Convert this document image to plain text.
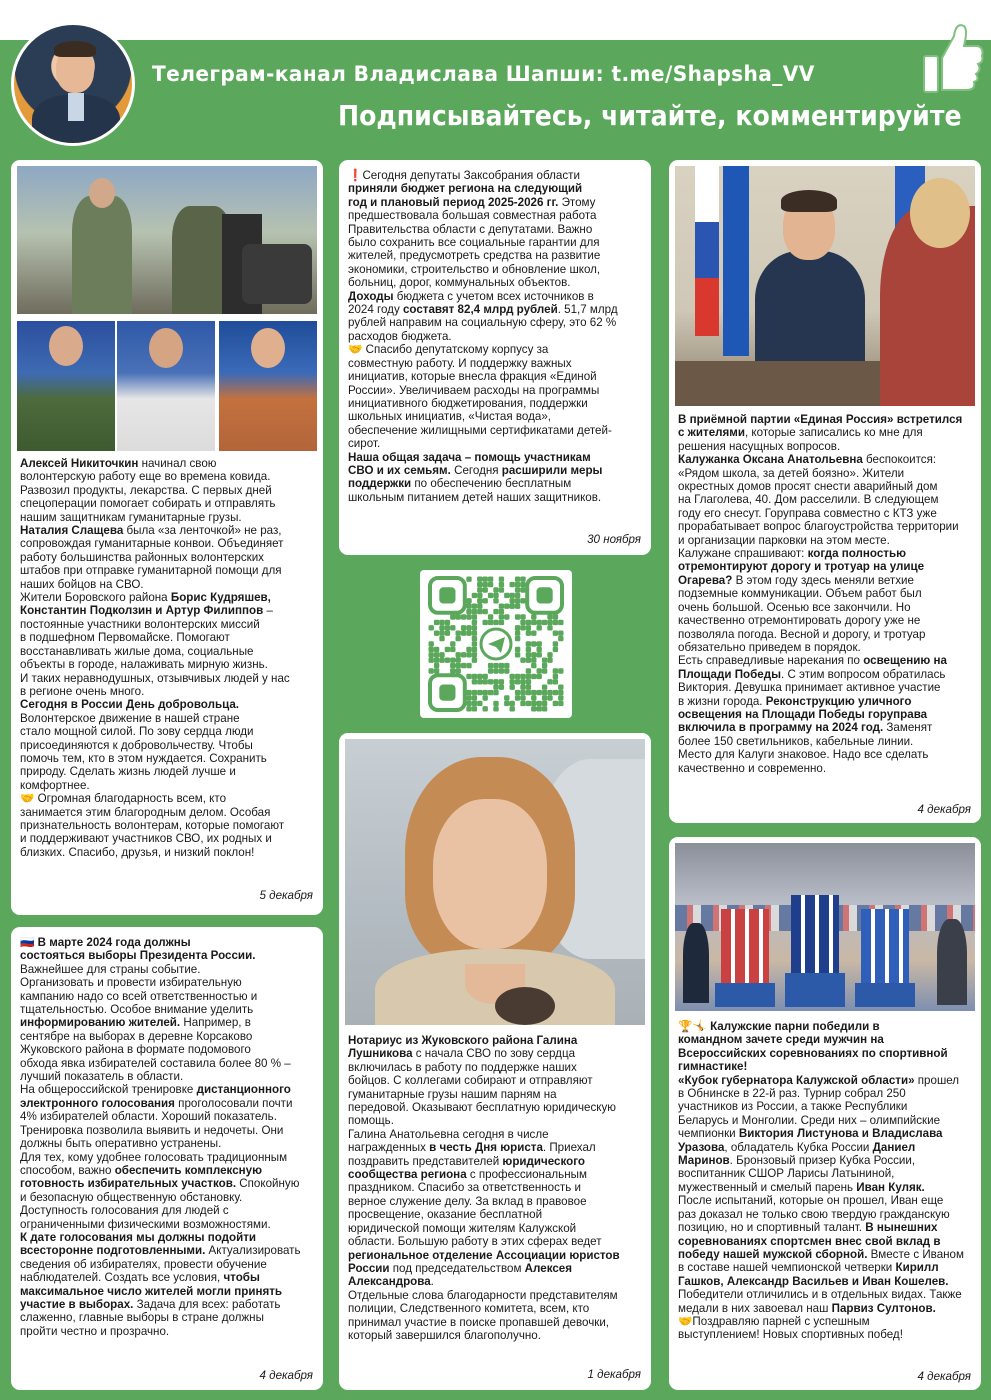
Телеграм-канал Владислава Шапши: t.me/Shapsha_VV
Подписывайтесь, читайте, комментируйте
Алексей Никиточкин начинал свою
волонтерскую работу еще во времена ковида.
Развозил продукты, лекарства. С первых дней
спецоперации помогает собирать и отправлять
нашим защитникам гуманитарные грузы.
Наталия Слащева была «за ленточкой» не раз,
сопровождая гуманитарные конвои. Объединяет
работу большинства районных волонтерских
штабов при отправке гуманитарной помощи для
наших бойцов на СВО.
Жители Боровского района Борис Кудряшев,
Константин Подколзин и Артур Филиппов –
постоянные участники волонтерских миссий
в подшефном Первомайске. Помогают
восстанавливать жилые дома, социальные
объекты в городе, налаживать мирную жизнь.
И таких неравнодушных, отзывчивых людей у нас
в регионе очень много.
Сегодня в России День добровольца.
Волонтерское движение в нашей стране
стало мощной силой. По зову сердца люди
присоединяются к добровольчеству. Чтобы
помочь тем, кто в этом нуждается. Сохранить
природу. Сделать жизнь людей лучше и
комфортнее.
🤝 Огромная благодарность всем, кто
занимается этим благородным делом. Особая
признательность волонтерам, которые помогают
и поддерживают участников СВО, их родных и
близких. Спасибо, друзья, и низкий поклон!
5 декабря
❗Сегодня депутаты Заксобрания области
приняли бюджет региона на следующий
год и плановый период 2025-2026 гг. Этому
предшествовала большая совместная работа
Правительства области с депутатами. Важно
было сохранить все социальные гарантии для
жителей, предусмотреть средства на развитие
экономики, строительство и обновление школ,
больниц, дорог, коммунальных объектов.
Доходы бюджета с учетом всех источников в
2024 году составят 82,4 млрд рублей. 51,7 млрд
рублей направим на социальную сферу, это 62 %
расходов бюджета.
🤝 Спасибо депутатскому корпусу за
совместную работу. И поддержку важных
инициатив, которые внесла фракция «Единой
России». Увеличиваем расходы на программы
инициативного бюджетирования, поддержки
школьных инициатив, «Чистая вода»,
обеспечение жилищными сертификатами детей-
сирот.
Наша общая задача – помощь участникам
СВО и их семьям. Сегодня расширили меры
поддержки по обеспечению бесплатным
школьным питанием детей наших защитников.
30 ноября
В приёмной партии «Единая Россия» встретился
с жителями, которые записались ко мне для
решения насущных вопросов.
Калужанка Оксана Анатольевна беспокоится:
«Рядом школа, за детей боязно». Жители
окрестных домов просят снести аварийный дом
на Глаголева, 40. Дом расселили. В следующем
году его снесут. Горуправа совместно с КТЗ уже
прорабатывает вопрос благоустройства территории
и организации парковки на этом месте.
Калужане спрашивают: когда полностью
отремонтируют дорогу и тротуар на улице
Огарева? В этом году здесь меняли ветхие
подземные коммуникации. Объем работ был
очень большой. Осенью все закончили. Но
качественно отремонтировать дорогу уже не
позволяла погода. Весной и дорогу, и тротуар
обязательно приведем в порядок.
Есть справедливые нарекания по освещению на
Площади Победы. С этим вопросом обратилась
Виктория. Девушка принимает активное участие
в жизни города. Реконструкцию уличного
освещения на Площади Победы горуправа
включила в программу на 2024 год. Заменят
более 150 светильников, кабельные линии.
Место для Калуги знаковое. Надо все сделать
качественно и современно.
4 декабря
🇷🇺 В марте 2024 года должны
состояться выборы Президента России.
Важнейшее для страны событие.
Организовать и провести избирательную
кампанию надо со всей ответственностью и
тщательностью. Особое внимание уделить
информированию жителей. Например, в
сентябре на выборах в деревне Корсаково
Жуковского района в формате подомового
обхода явка избирателей составила более 80 % –
лучший показатель в области.
На общероссийской тренировке дистанционного
электронного голосования проголосовали почти
4% избирателей области. Хороший показатель.
Тренировка позволила выявить и недочеты. Они
должны быть оперативно устранены.
Для тех, кому удобнее голосовать традиционным
способом, важно обеспечить комплексную
готовность избирательных участков. Спокойную
и безопасную общественную обстановку.
Доступность голосования для людей с
ограниченными физическими возможностями.
К дате голосования мы должны подойти
всесторонне подготовленными. Актуализировать
сведения об избирателях, провести обучение
наблюдателей. Создать все условия, чтобы
максимальное число жителей могли принять
участие в выборах. Задача для всех: работать
слаженно, главные выборы в стране должны
пройти честно и прозрачно.
4 декабря
Нотариус из Жуковского района Галина
Лушникова с начала СВО по зову сердца
включилась в работу по поддержке наших
бойцов. С коллегами собирают и отправляют
гуманитарные грузы нашим парням на
передовой. Оказывают бесплатную юридическую
помощь.
Галина Анатольевна сегодня в числе
награжденных в честь Дня юриста. Приехал
поздравить представителей юридического
сообщества региона с профессиональным
праздником. Спасибо за ответственность и
верное служение делу. За вклад в правовое
просвещение, оказание бесплатной
юридической помощи жителям Калужской
области. Большую работу в этих сферах ведет
региональное отделение Ассоциации юристов
России под председательством Алексея
Александрова.
Отдельные слова благодарности представителям
полиции, Следственного комитета, всем, кто
принимал участие в поиске пропавшей девочки,
который завершился благополучно.
1 декабря
🏆🤸 Калужские парни победили в
командном зачете среди мужчин на
Всероссийских соревнованиях по спортивной
гимнастике!
«Кубок губернатора Калужской области» прошел
в Обнинске в 22-й раз. Турнир собрал 250
участников из России, а также Республики
Беларусь и Монголии. Среди них – олимпийские
чемпионки Виктория Листунова и Владислава
Уразова, обладатель Кубка России Даниел
Маринов. Бронзовый призер Кубка России,
воспитанник СШОР Ларисы Латыниной,
мужественный и смелый парень Иван Куляк.
После испытаний, которые он прошел, Иван еще
раз доказал не только свою твердую гражданскую
позицию, но и спортивный талант. В нынешних
соревнованиях спортсмен внес свой вклад в
победу нашей мужской сборной. Вместе с Иваном
в составе нашей чемпионской четверки Кирилл
Гашков, Александр Васильев и Иван Кошелев.
Победители отличились и в отдельных видах. Также
медали в них завоевал наш Парвиз Султонов.
🤝Поздравляю парней с успешным
выступлением! Новых спортивных побед!
4 декабря
